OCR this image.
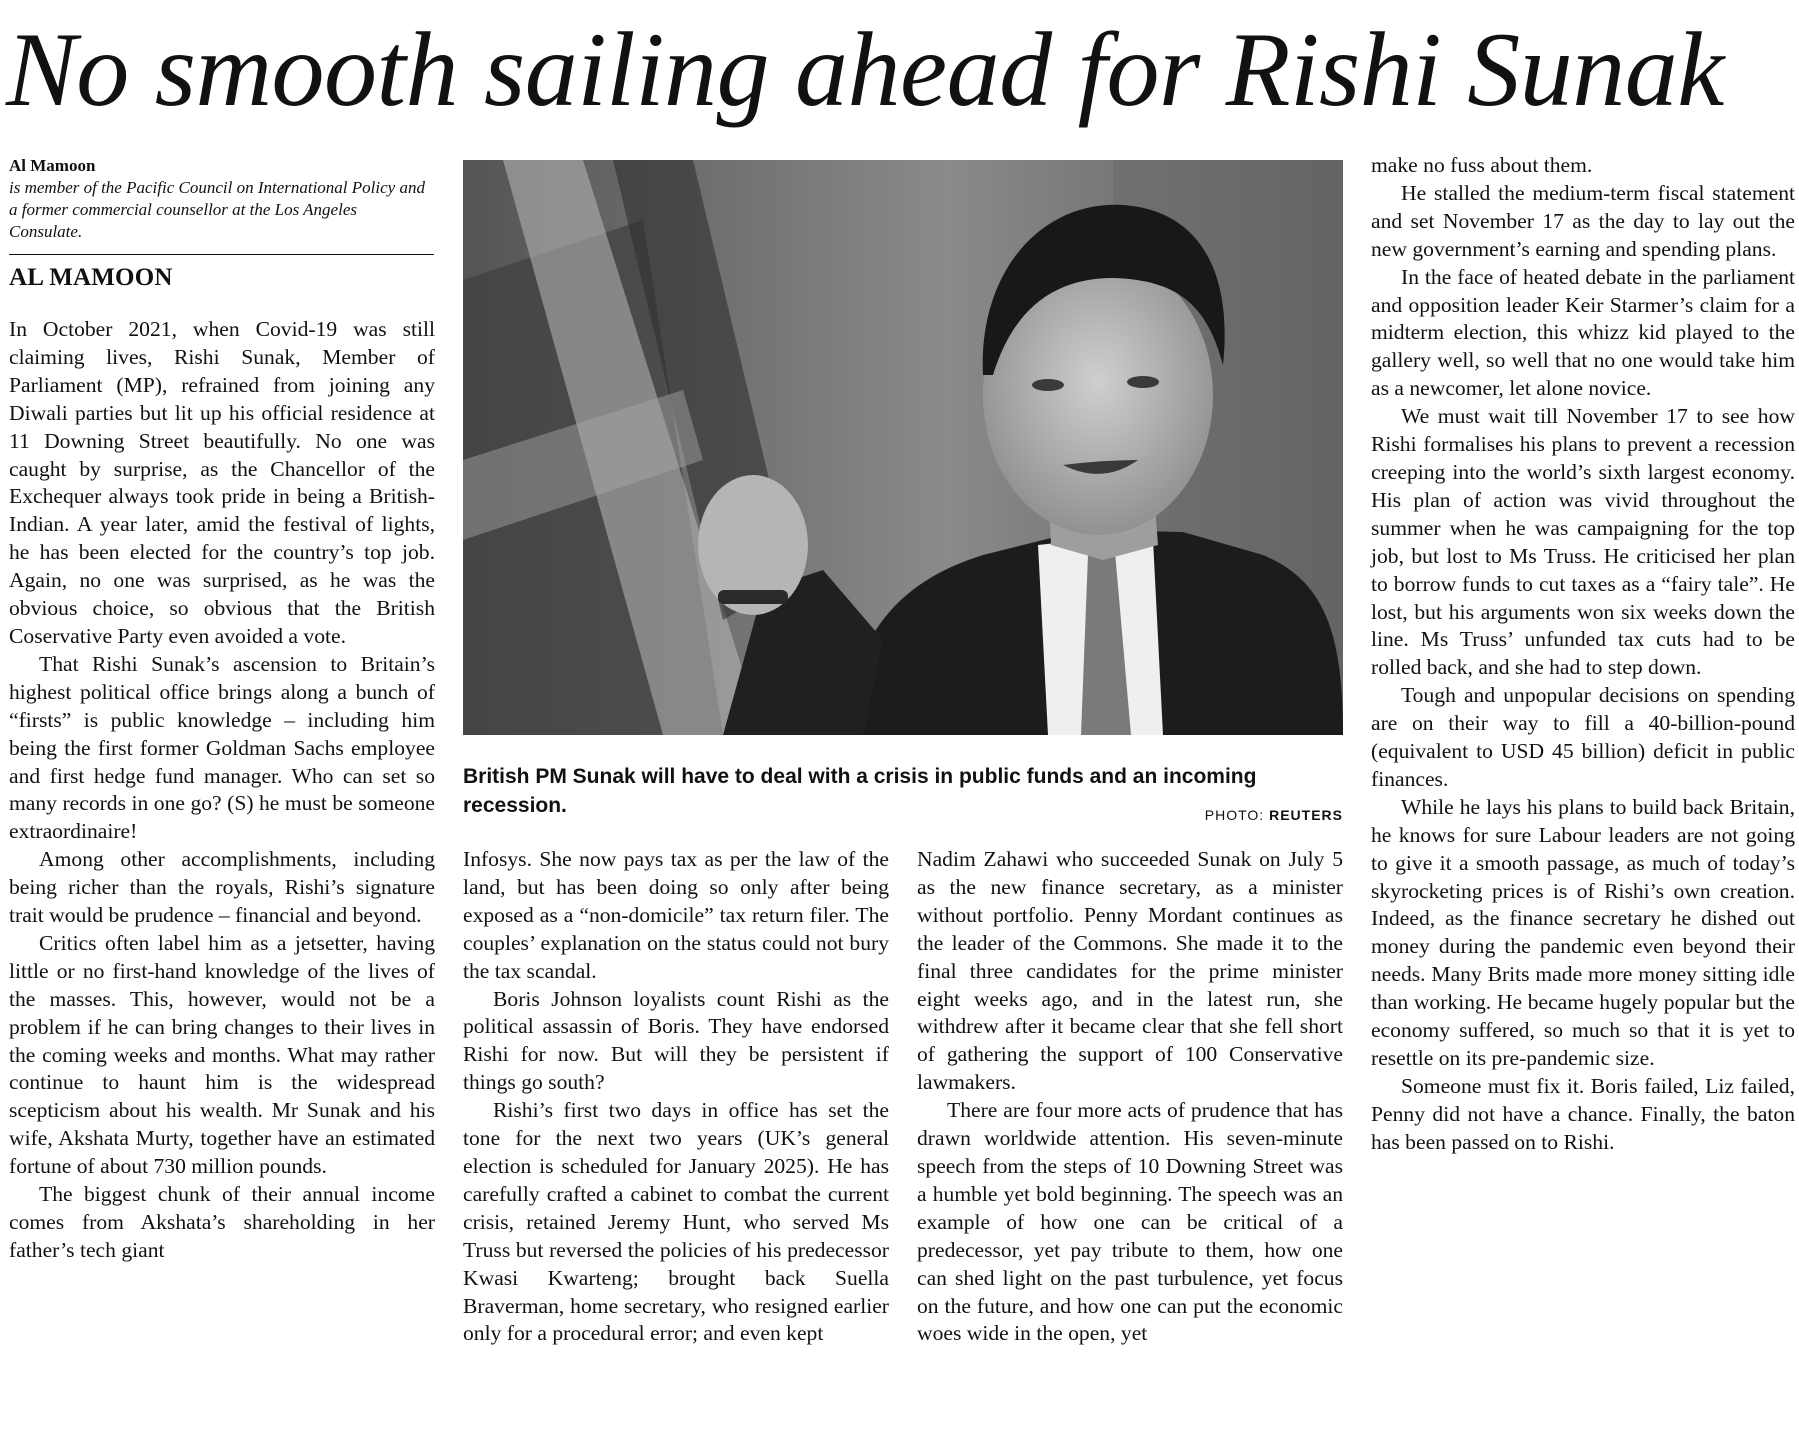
No smooth sailing ahead for Rishi Sunak
Al Mamoon
is member of the Pacific Council on International Policy and a former commercial counsellor at the Los Angeles Consulate.
AL MAMOON

In October 2021, when Covid-19 was still claiming lives, Rishi Sunak, Member of Parliament (MP), refrained from joining any Diwali parties but lit up his official residence at 11 Downing Street beautifully. No one was caught by surprise, as the Chancellor of the Exchequer always took pride in being a British-Indian. A year later, amid the festival of lights, he has been elected for the country’s top job. Again, no one was surprised, as he was the obvious choice, so obvious that the British Coservative Party even avoided a vote.

That Rishi Sunak’s ascension to Britain’s highest political office brings along a bunch of “firsts” is public knowledge – including him being the first former Goldman Sachs employee and first hedge fund manager. Who can set so many records in one go? (S) he must be someone extraordinaire!

Among other accomplishments, including being richer than the royals, Rishi’s signature trait would be prudence – financial and beyond.

Critics often label him as a jetsetter, having little or no first-hand knowledge of the lives of the masses. This, however, would not be a problem if he can bring changes to their lives in the coming weeks and months. What may rather continue to haunt him is the widespread scepticism about his wealth. Mr Sunak and his wife, Akshata Murty, together have an estimated fortune of about 730 million pounds.

The biggest chunk of their annual income comes from Akshata’s shareholding in her father’s tech giant

British PM Sunak will have to deal with a crisis in public funds and an incoming recession.	PHOTO: REUTERS

Infosys. She now pays tax as per the law of the land, but has been doing so only after being exposed as a “non-domicile” tax return filer. The couples’ explanation on the status could not bury the tax scandal.

Boris Johnson loyalists count Rishi as the political assassin of Boris. They have endorsed Rishi for now. But will they be persistent if things go south?

Rishi’s first two days in office has set the tone for the next two years (UK’s general election is scheduled for January 2025). He has carefully crafted a cabinet to combat the current crisis, retained Jeremy Hunt, who served Ms Truss but reversed the policies of his predecessor Kwasi Kwarteng; brought back Suella Braverman, home secretary, who resigned earlier only for a procedural error; and even kept

Nadim Zahawi who succeeded Sunak on July 5 as the new finance secretary, as a minister without portfolio. Penny Mordant continues as the leader of the Commons. She made it to the final three candidates for the prime minister eight weeks ago, and in the latest run, she withdrew after it became clear that she fell short of gathering the support of 100 Conservative lawmakers.

There are four more acts of prudence that has drawn worldwide attention. His seven-minute speech from the steps of 10 Downing Street was a humble yet bold beginning. The speech was an example of how one can be critical of a predecessor, yet pay tribute to them, how one can shed light on the past turbulence, yet focus on the future, and how one can put the economic woes wide in the open, yet

make no fuss about them.

He stalled the medium-term fiscal statement and set November 17 as the day to lay out the new government’s earning and spending plans.

In the face of heated debate in the parliament and opposition leader Keir Starmer’s claim for a midterm election, this whizz kid played to the gallery well, so well that no one would take him as a newcomer, let alone novice.

We must wait till November 17 to see how Rishi formalises his plans to prevent a recession creeping into the world’s sixth largest economy. His plan of action was vivid throughout the summer when he was campaigning for the top job, but lost to Ms Truss. He criticised her plan to borrow funds to cut taxes as a “fairy tale”. He lost, but his arguments won six weeks down the line. Ms Truss’ unfunded tax cuts had to be rolled back, and she had to step down.

Tough and unpopular decisions on spending are on their way to fill a 40-billion-pound (equivalent to USD 45 billion) deficit in public finances.

While he lays his plans to build back Britain, he knows for sure Labour leaders are not going to give it a smooth passage, as much of today’s skyrocketing prices is of Rishi’s own creation. Indeed, as the finance secretary he dished out money during the pandemic even beyond their needs. Many Brits made more money sitting idle than working. He became hugely popular but the economy suffered, so much so that it is yet to resettle on its pre-pandemic size.

Someone must fix it. Boris failed, Liz failed, Penny did not have a chance. Finally, the baton has been passed on to Rishi.
